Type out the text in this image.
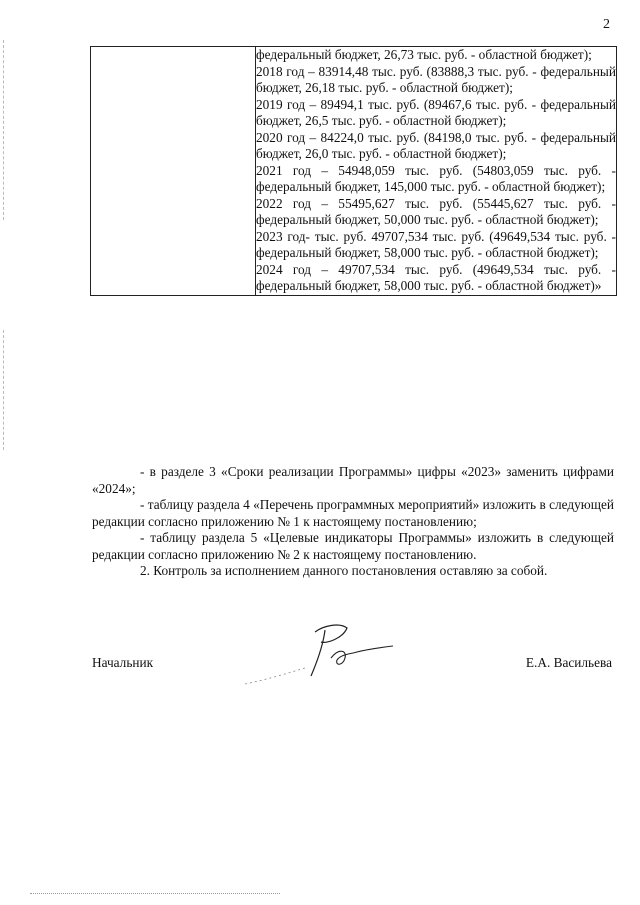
2

федеральный бюджет, 26,73 тыс. руб. - областной бюджет);
2018 год – 83914,48 тыс. руб. (83888,3 тыс. руб. - федеральный бюджет, 26,18 тыс. руб. - областной бюджет);
2019 год – 89494,1 тыс. руб. (89467,6 тыс. руб. - федеральный бюджет, 26,5 тыс. руб. - областной бюджет);
2020 год – 84224,0 тыс. руб. (84198,0 тыс. руб. - федеральный бюджет, 26,0 тыс. руб. - областной бюджет);
2021 год – 54948,059 тыс. руб. (54803,059 тыс. руб. - федеральный бюджет, 145,000 тыс. руб. - областной бюджет);
2022 год – 55495,627 тыс. руб. (55445,627 тыс. руб. - федеральный бюджет, 50,000 тыс. руб. - областной бюджет);
2023 год- тыс. руб. 49707,534 тыс. руб. (49649,534 тыс. руб. - федеральный бюджет, 58,000 тыс. руб. - областной бюджет);
2024 год – 49707,534 тыс. руб. (49649,534 тыс. руб. - федеральный бюджет, 58,000 тыс. руб. - областной бюджет)»

- в разделе 3 «Сроки реализации Программы» цифры «2023» заменить цифрами «2024»;

- таблицу раздела 4 «Перечень программных мероприятий» изложить в следующей редакции согласно приложению № 1 к настоящему постановлению;

- таблицу раздела 5 «Целевые индикаторы Программы» изложить в следующей редакции согласно приложению № 2 к настоящему постановлению.

2. Контроль за исполнением данного постановления оставляю за собой.

Начальник	Е.А. Васильева
